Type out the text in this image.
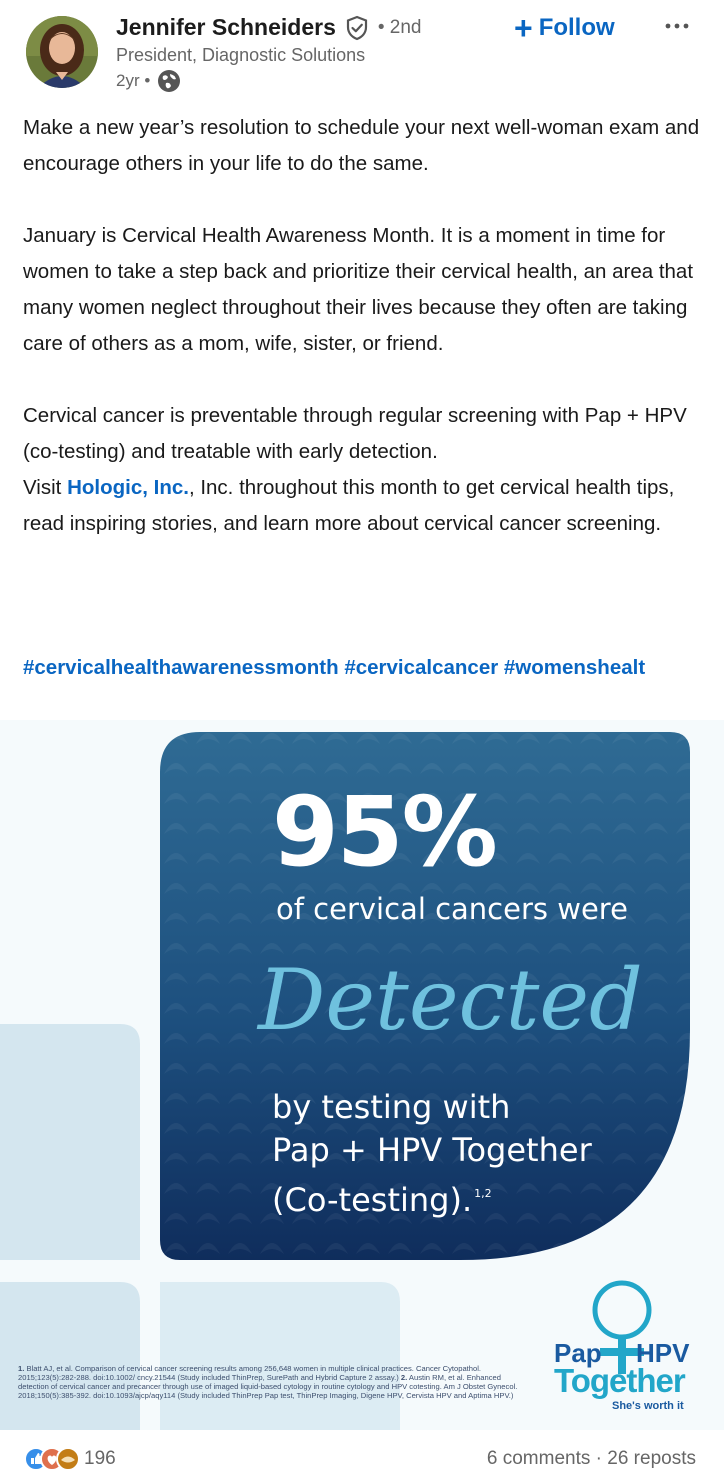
Jennifer Schneiders • 2nd
President, Diagnostic Solutions
2yr •
+ Follow

Make a new year’s resolution to schedule your next well-woman exam and encourage others in your life to do the same.

January is Cervical Health Awareness Month. It is a moment in time for women to take a step back and prioritize their cervical health, an area that many women neglect throughout their lives because they often are taking care of others as a mom, wife, sister, or friend.

Cervical cancer is preventable through regular screening with Pap + HPV (co-testing) and treatable with early detection.
Visit Hologic, Inc., Inc. throughout this month to get cervical health tips, read inspiring stories, and learn more about cervical cancer screening.

#cervicalhealthawarenessmonth #cervicalcancer #womenshealt
95%
of cervical cancers were
Detected
by testing with
Pap + HPV Together
(Co-testing). $^{1,2}$
1. Blatt AJ, et al. Comparison of cervical cancer screening results among 256,648 women in multiple clinical practices. Cancer Cytopathol. 2015;123(5):282-288. doi:10.1002/ cncy.21544 (Study included ThinPrep, SurePath and Hybrid Capture 2 assay.) 2. Austin RM, et al. Enhanced detection of cervical cancer and precancer through use of imaged liquid-based cytology in routine cytology and HPV cotesting. Am J Obstet Gynecol. 2018;150(5):385-392. doi:10.1093/ajcp/aqy114 (Study included ThinPrep Pap test, ThinPrep Imaging, Digene HPV, Cervista HPV and Aptima HPV.)
Pap HPV
Together
She's worth it
196	6 comments · 26 reposts
